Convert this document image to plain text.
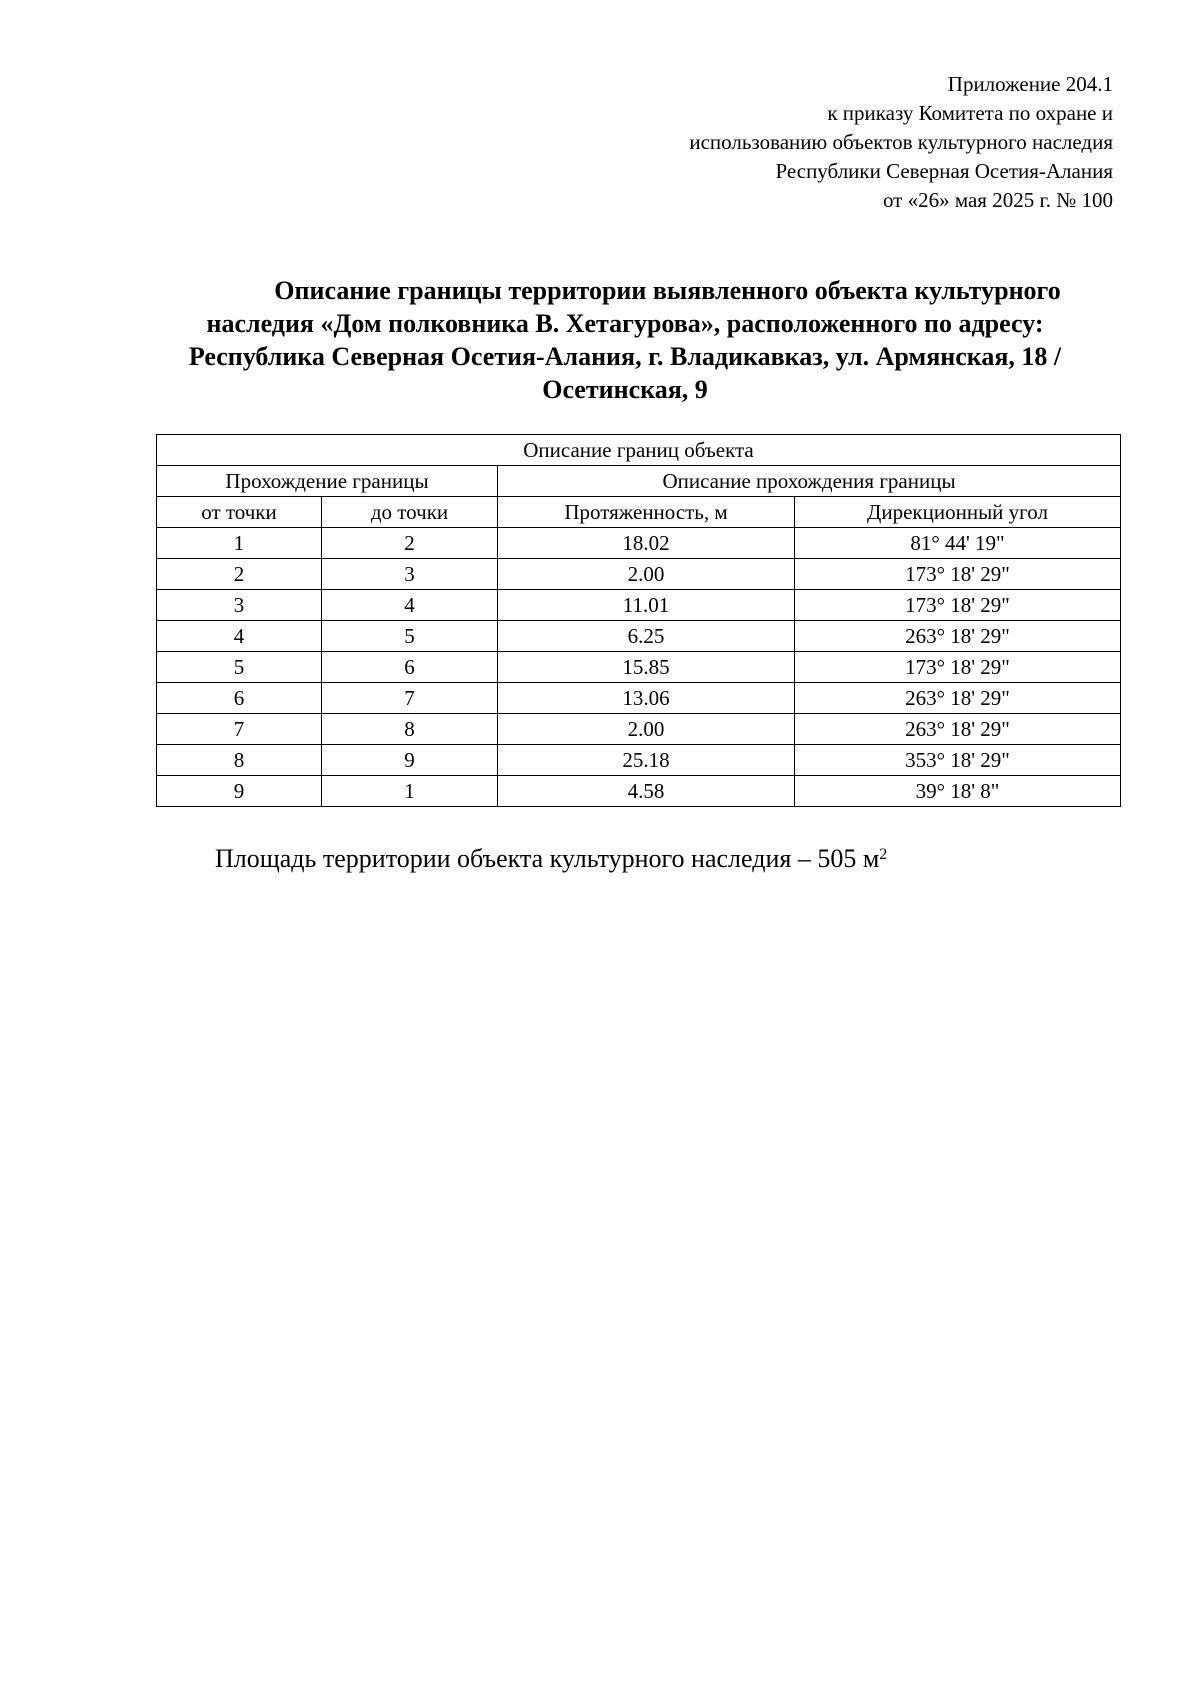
Приложение 204.1
к приказу Комитета по охране и
использованию объектов культурного наследия
Республики Северная Осетия-Алания
от «26» мая 2025 г. № 100
Описание границы территории выявленного объекта культурного
наследия «Дом полковника В. Хетагурова», расположенного по адресу:
Республика Северная Осетия-Алания, г. Владикавказ, ул. Армянская, 18 /
Осетинская, 9
Описание границ объекта			
Прохождение границы		Описание прохождения границы	
от точки	до точки	Протяженность, м	Дирекционный угол
1	2	18.02	81° 44' 19"
2	3	2.00	173° 18' 29"
3	4	11.01	173° 18' 29"
4	5	6.25	263° 18' 29"
5	6	15.85	173° 18' 29"
6	7	13.06	263° 18' 29"
7	8	2.00	263° 18' 29"
8	9	25.18	353° 18' 29"
9	1	4.58	39° 18' 8"
Площадь территории объекта культурного наследия – 505 $м^2$
